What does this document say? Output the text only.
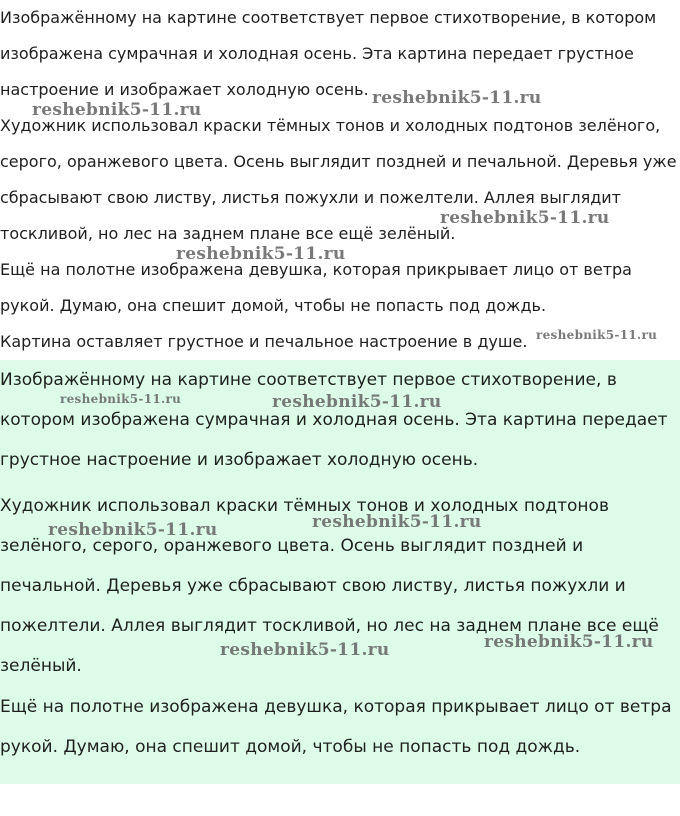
Изображённому на картине соответствует первое стихотворение, в котором изображена сумрачная и холодная осень. Эта картина передает грустное настроение и изображает холодную осень.

Художник использовал краски тёмных тонов и холодных подтонов зелёного, серого, оранжевого цвета. Осень выглядит поздней и печальной. Деревья уже сбрасывают свою листву, листья пожухли и пожелтели. Аллея выглядит тоскливой, но лес на заднем плане все ещё зелёный.

Ещё на полотне изображена девушка, которая прикрывает лицо от ветра рукой. Думаю, она спешит домой, чтобы не попасть под дождь.

Картина оставляет грустное и печальное настроение в душе.

Изображённому на картине соответствует первое стихотворение, в котором изображена сумрачная и холодная осень. Эта картина передает грустное настроение и изображает холодную осень.

Художник использовал краски тёмных тонов и холодных подтонов зелёного, серого, оранжевого цвета. Осень выглядит поздней и печальной. Деревья уже сбрасывают свою листву, листья пожухли и пожелтели. Аллея выглядит тоскливой, но лес на заднем плане все ещё зелёный.

Ещё на полотне изображена девушка, которая прикрывает лицо от ветра рукой. Думаю, она спешит домой, чтобы не попасть под дождь.

reshebnik5-11.ru
reshebnik5-11.ru
reshebnik5-11.ru
reshebnik5-11.ru
reshebnik5-11.ru
reshebnik5-11.ru	reshebnik5-11.ru
reshebnik5-11.ru
reshebnik5-11.ru
reshebnik5-11.ru
reshebnik5-11.ru
